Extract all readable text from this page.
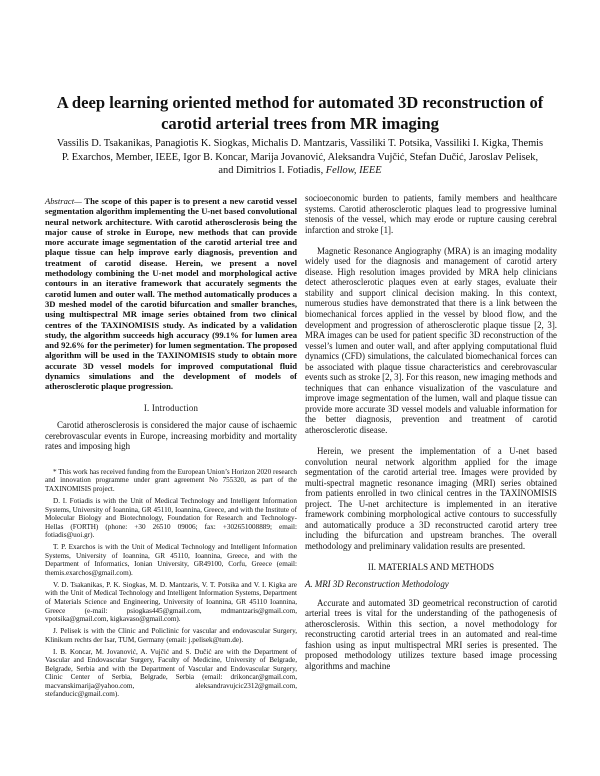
A deep learning oriented method for automated 3D reconstruction of carotid arterial trees from MR imaging
Vassilis D. Tsakanikas, Panagiotis K. Siogkas, Michalis D. Mantzaris, Vassiliki T. Potsika, Vassiliki I. Kigka, Themis P. Exarchos, Member, IEEE, Igor B. Koncar, Marija Jovanović, Aleksandra Vujčić, Stefan Dučić, Jaroslav Pelisek, and Dimitrios I. Fotiadis, Fellow, IEEE

Abstract— The scope of this paper is to present a new carotid vessel segmentation algorithm implementing the U-net based convolutional neural network architecture. With carotid atherosclerosis being the major cause of stroke in Europe, new methods that can provide more accurate image segmentation of the carotid arterial tree and plaque tissue can help improve early diagnosis, prevention and treatment of carotid disease. Herein, we present a novel methodology combining the U-net model and morphological active contours in an iterative framework that accurately segments the carotid lumen and outer wall. The method automatically produces a 3D meshed model of the carotid bifurcation and smaller branches, using multispectral MR image series obtained from two clinical centres of the TAXINOMISIS study. As indicated by a validation study, the algorithm succeeds high accuracy (99.1% for lumen area and 92.6% for the perimeter) for lumen segmentation. The proposed algorithm will be used in the TAXINOMISIS study to obtain more accurate 3D vessel models for improved computational fluid dynamics simulations and the development of models of atherosclerotic plaque progression.

I. Introduction

Carotid atherosclerosis is considered the major cause of ischaemic cerebrovascular events in Europe, increasing morbidity and mortality rates and imposing high

* This work has received funding from the European Union’s Horizon 2020 research and innovation programme under grant agreement No 755320, as part of the TAXINOMISIS project.

D. I. Fotiadis is with the Unit of Medical Technology and Intelligent Information Systems, University of Ioannina, GR 45110, Ioannina, Greece, and with the Institute of Molecular Biology and Biotechnology, Foundation for Research and Technology-Hellas (FORTH) (phone: +30 26510 09006; fax: +302651008889; email: fotiadis@uoi.gr).

T. P. Exarchos is with the Unit of Medical Technology and Intelligent Information Systems, University of Ioannina, GR 45110, Ioannina, Greece, and with the Department of Informatics, Ionian University, GR49100, Corfu, Greece (email: themis.exarchos@gmail.com).

V. D. Tsakanikas, P. K. Siogkas, M. D. Mantzaris, V. T. Potsika and V. I. Kigka are with the Unit of Medical Technology and Intelligent Information Systems, Department of Materials Science and Engineering, University of Ioannina, GR 45110 Ioannina, Greece (e-mail: psiogkas445@gmail.com, mdmantzaris@gmail.com, vpotsika@gmail.com, kigkavaso@gmail.com).

J. Pelisek is with the Clinic and Policlinic for vascular and endovascular Surgery, Klinikum rechts der Isar, TUM, Germany (email: j.pelisek@tum.de).

I. B. Koncar, M. Jovanović, A. Vujčić and S. Dučić are with the Department of Vascular and Endovascular Surgery, Faculty of Medicine, University of Belgrade, Belgrade, Serbia and with the Department of Vascular and Endovascular Surgery, Clinic Center of Serbia, Belgrade, Serbia (email: drikoncar@gmail.com, macvanskimarija@yahoo.com, aleksandravujcic2312@gmail.com, stefanducic@gmail.com).

socioeconomic burden to patients, family members and healthcare systems. Carotid atherosclerotic plaques lead to progressive luminal stenosis of the vessel, which may erode or rupture causing cerebral infarction and stroke [1].

Magnetic Resonance Angiography (MRA) is an imaging modality widely used for the diagnosis and management of carotid artery disease. High resolution images provided by MRA help clinicians detect atherosclerotic plaques even at early stages, evaluate their stability and support clinical decision making. In this context, numerous studies have demonstrated that there is a link between the biomechanical forces applied in the vessel by blood flow, and the development and progression of atherosclerotic plaque tissue [2, 3]. MRA images can be used for patient specific 3D reconstruction of the vessel’s lumen and outer wall, and after applying computational fluid dynamics (CFD) simulations, the calculated biomechanical forces can be associated with plaque tissue characteristics and cerebrovascular events such as stroke [2, 3]. For this reason, new imaging methods and techniques that can enhance visualization of the vasculature and improve image segmentation of the lumen, wall and plaque tissue can provide more accurate 3D vessel models and valuable information for the better diagnosis, prevention and treatment of carotid atherosclerotic disease.

Herein, we present the implementation of a U-net based convolution neural network algorithm applied for the image segmentation of the carotid arterial tree. Images were provided by multi-spectral magnetic resonance imaging (MRI) series obtained from patients enrolled in two clinical centres in the TAXINOMISIS project. The U-net architecture is implemented in an iterative framework combining morphological active contours to successfully and automatically produce a 3D reconstructed carotid artery tree including the bifurcation and upstream branches. The overall methodology and preliminary validation results are presented.

II. MATERIALS AND METHODS
A. MRI 3D Reconstruction Methodology

Accurate and automated 3D geometrical reconstruction of carotid arterial trees is vital for the understanding of the pathogenesis of atherosclerosis. Within this section, a novel methodology for reconstructing carotid arterial trees in an automated and real-time fashion using as input multispectral MRI series is presented. The proposed methodology utilizes texture based image processing algorithms and machine
